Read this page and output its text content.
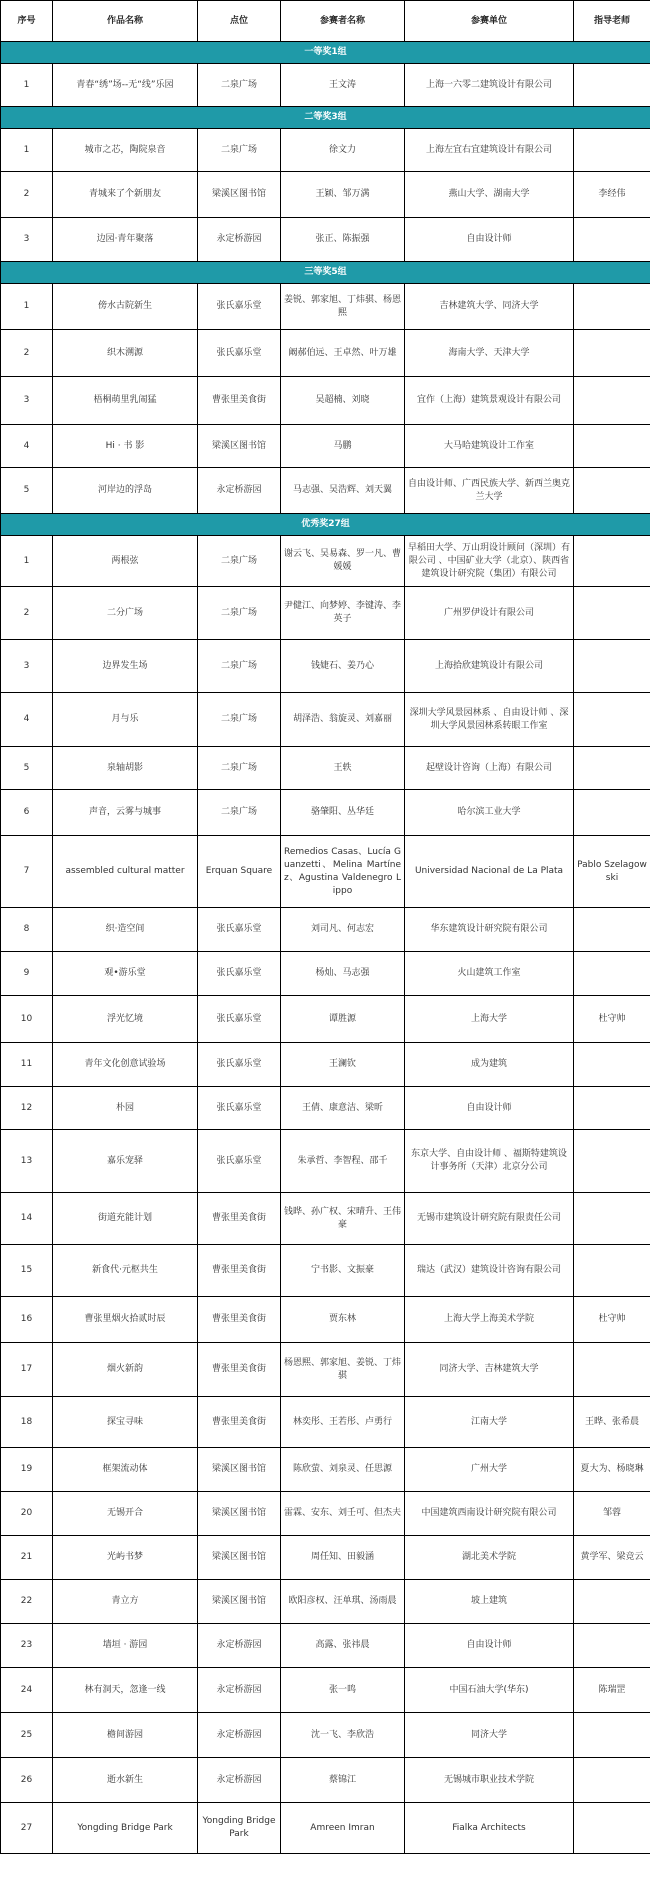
序号	作品名称	点位	参赛者名称	参赛单位	指导老师
一等奖1组					
1	青春“绣”场--无“线”乐园	二泉广场	王文涛	上海一六零二建筑设计有限公司	
二等奖3组					
1	城市之芯，陶院泉音	二泉广场	徐文力	上海左宜右宜建筑设计有限公司	
2	青城来了个新朋友	梁溪区图书馆	王颖、邹万满	燕山大学、湖南大学	李经伟
3	边园·青年聚落	永定桥游园	张正、陈振强	自由设计师	
三等奖5组					
1	傍水古院新生	张氏嘉乐堂	姜锐、郭家旭、丁炜骐、杨恩熙	吉林建筑大学、同济大学	
2	织木溯源	张氏嘉乐堂	阚郝伯远、王卓然、叶万雄	海南大学、天津大学	
3	梧桐萌里乳闹猛	曹张里美食街	吴超楠、刘晓	宜作（上海）建筑景观设计有限公司	
4	Hi · 书 影	梁溪区图书馆	马鹏	大马哈建筑设计工作室	
5	河岸边的浮岛	永定桥游园	马志强、吴浩辉、刘天翼	自由设计师、广西民族大学、新西兰奥克兰大学	
优秀奖27组					
1	两根弦	二泉广场	谢云飞、吴易森、罗一凡、曹媛媛	早稻田大学、万山玥设计顾问（深圳）有限公司 、中国矿业大学（北京）、陕西省建筑设计研究院（集团）有限公司	
2	二分广场	二泉广场	尹健江、向梦婷、李键涛、李英子	广州罗伊设计有限公司	
3	边界发生场	二泉广场	钱婕石、姜乃心	上海拾欣建筑设计有限公司	
4	月与乐	二泉广场	胡泽浩、翁旋灵、刘嘉丽	深圳大学风景园林系 、自由设计师 、深圳大学风景园林系转眼工作室	
5	泉轴胡影	二泉广场	王轶	起壁设计咨询（上海）有限公司	
6	声音，云雾与城事	二泉广场	骆肇阳、丛华廷	哈尔滨工业大学	
7	assembled cultural matter	Erquan Square	Remedios Casas、Lucía Guanzetti、Melina Martínez、Agustina Valdenegro Lippo	Universidad Nacional de La Plata	Pablo Szelagowski
8	织·造空间	张氏嘉乐堂	刘司凡、何志宏	华东建筑设计研究院有限公司	
9	观•游乐堂	张氏嘉乐堂	杨灿、马志强	火山建筑工作室	
10	浮光忆境	张氏嘉乐堂	谭胜源	上海大学	杜守帅
11	青年文化创意试验场	张氏嘉乐堂	王澜钦	成为建筑	
12	朴园	张氏嘉乐堂	王倩、康意洁、梁昕	自由设计师	
13	嘉乐宠驿	张氏嘉乐堂	朱承哲、李智程、邵千	东京大学、自由设计师 、福斯特建筑设计事务所（天津）北京分公司	
14	街道充能计划	曹张里美食街	钱晔、孙广权、宋晴升、王伟豪	无锡市建筑设计研究院有限责任公司	
15	新食代·元枢共生	曹张里美食街	宁书影、文振豪	瑞达（武汉）建筑设计咨询有限公司	
16	曹张里烟火拾贰时辰	曹张里美食街	贾东林	上海大学上海美术学院	杜守帅
17	烟火新韵	曹张里美食街	杨恩熙、郭家旭、姜锐、丁炜骐	同济大学、吉林建筑大学	
18	探宝寻味	曹张里美食街	林奕彤、王若彤、卢勇行	江南大学	王晔、张希晨
19	框架流动体	梁溪区图书馆	陈欣萤、刘泉灵、任思源	广州大学	夏大为、杨晓琳
20	无锡开合	梁溪区图书馆	雷霖、安东、刘壬可、但杰夫	中国建筑西南设计研究院有限公司	邹蓉
21	光屿书梦	梁溪区图书馆	周任知、田毅涵	湖北美术学院	黄学军、梁竞云
22	青立方	梁溪区图书馆	欧阳彦权、汪单琪、汤雨晨	坡上建筑	
23	墙垣 · 游园	永定桥游园	高露、张祎晨	自由设计师	
24	林有洞天，忽逢一线	永定桥游园	张一鸣	中国石油大学(华东)	陈瑞罡
25	檐间游园	永定桥游园	沈一飞、李欣浩	同济大学	
26	逝水新生	永定桥游园	蔡锦江	无锡城市职业技术学院	
27	Yongding Bridge Park	Yongding Bridge Park	Amreen Imran	Fialka Architects	
